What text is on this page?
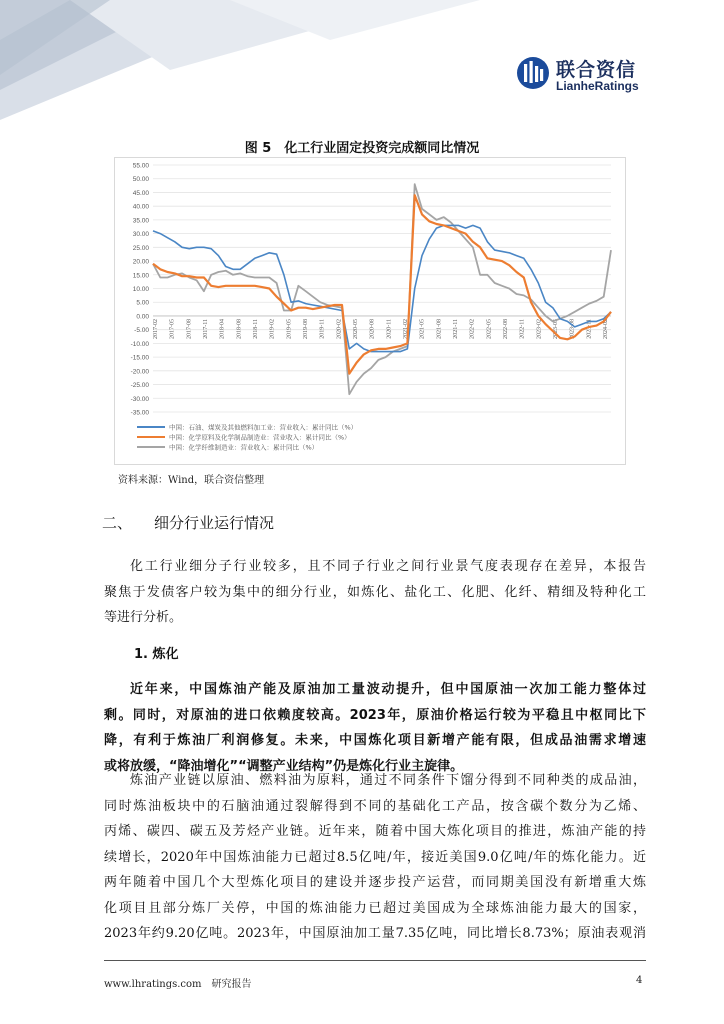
联合资信
LianheRatings
图 5　化工行业固定投资完成额同比情况
55.00
50.00
45.00
40.00
35.00
30.00
25.00
20.00
15.00
10.00
5.00
0.00
-5.00
-10.00
-15.00
-20.00
-25.00
-30.00
-35.00
2017-02 2017-05 2017-08 2017-11 2018-04 2018-08 2018-11 2019-02 2019-05 2019-08 2019-11 2020-02 2020-05 2020-08 2020-11 2021-02 2021-05 2021-08 2021-11 2022-02 2022-05 2022-08 2022-11 2023-02 2023-05 2023-08 2023-11 2024-02
中国：石油、煤炭及其他燃料加工业：营业收入：累计同比（%）
中国：化学原料及化学制品制造业：营业收入：累计同比（%）
中国：化学纤维制造业：营业收入：累计同比（%）
资料来源：Wind，联合资信整理
二、 细分行业运行情况
化工行业细分子行业较多，且不同子行业之间行业景气度表现存在差异，本报告
聚焦于发债客户较为集中的细分行业，如炼化、盐化工、化肥、化纤、精细及特种化工
等进行分析。
1. 炼化
近年来，中国炼油产能及原油加工量波动提升，但中国原油一次加工能力整体过
剩。同时，对原油的进口依赖度较高。2023年，原油价格运行较为平稳且中枢同比下
降，有利于炼油厂利润修复。未来，中国炼化项目新增产能有限，但成品油需求增速
或将放缓，“降油增化”“调整产业结构”仍是炼化行业主旋律。
炼油产业链以原油、燃料油为原料，通过不同条件下馏分得到不同种类的成品油，
同时炼油板块中的石脑油通过裂解得到不同的基础化工产品，按含碳个数分为乙烯、
丙烯、碳四、碳五及芳烃产业链。近年来，随着中国大炼化项目的推进，炼油产能的持
续增长，2020年中国炼油能力已超过8.5亿吨/年，接近美国9.0亿吨/年的炼化能力。近
两年随着中国几个大型炼化项目的建设并逐步投产运营，而同期美国没有新增重大炼
化项目且部分炼厂关停，中国的炼油能力已超过美国成为全球炼油能力最大的国家，
2023年约9.20亿吨。2023年，中国原油加工量7.35亿吨，同比增长8.73%；原油表观消
www.lhratings.com 研究报告	4
